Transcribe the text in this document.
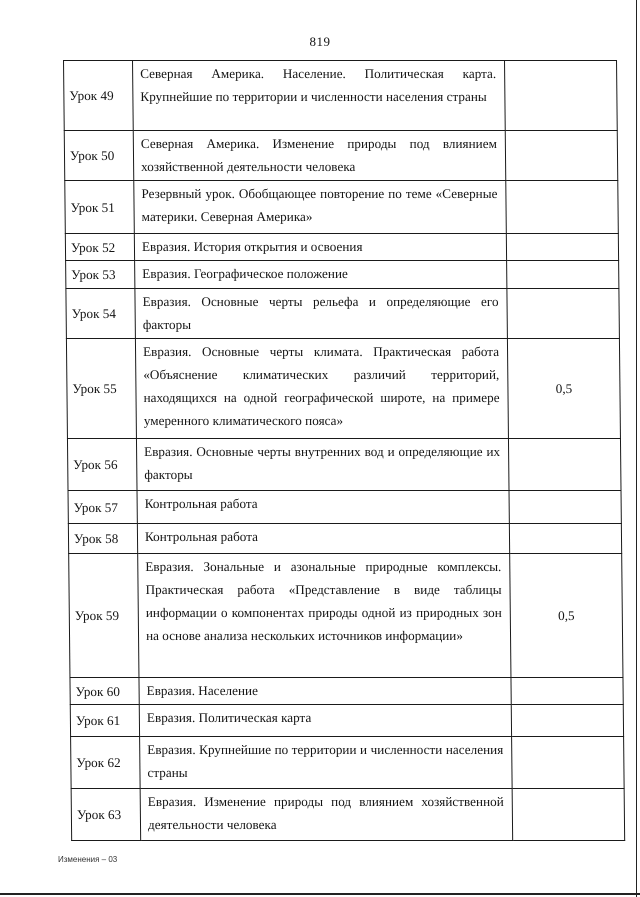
819
Урок 49	Северная Америка. Население. Политическая карта. Крупнейшие по территории и численности населения страны	
Урок 50	Северная Америка. Изменение природы под влиянием хозяйственной деятельности человека	
Урок 51	Резервный урок. Обобщающее повторение по теме «Северные материки. Северная Америка»	
Урок 52	Евразия. История открытия и освоения	
Урок 53	Евразия. Географическое положение	
Урок 54	Евразия. Основные черты рельефа и определяющие его факторы	
Урок 55	Евразия. Основные черты климата. Практическая работа «Объяснение климатических различий территорий, находящихся на одной географической широте, на примере умеренного климатического пояса»	0,5
Урок 56	Евразия. Основные черты внутренних вод и определяющие их факторы	
Урок 57	Контрольная работа	
Урок 58	Контрольная работа	
Урок 59	Евразия. Зональные и азональные природные комплексы. Практическая работа «Представление в виде таблицы информации о компонентах природы одной из природных зон на основе анализа нескольких источников информации»	0,5
Урок 60	Евразия. Население	
Урок 61	Евразия. Политическая карта	
Урок 62	Евразия. Крупнейшие по территории и численности населения страны	
Урок 63	Евразия. Изменение природы под влиянием хозяйственной деятельности человека	
Изменения – 03
